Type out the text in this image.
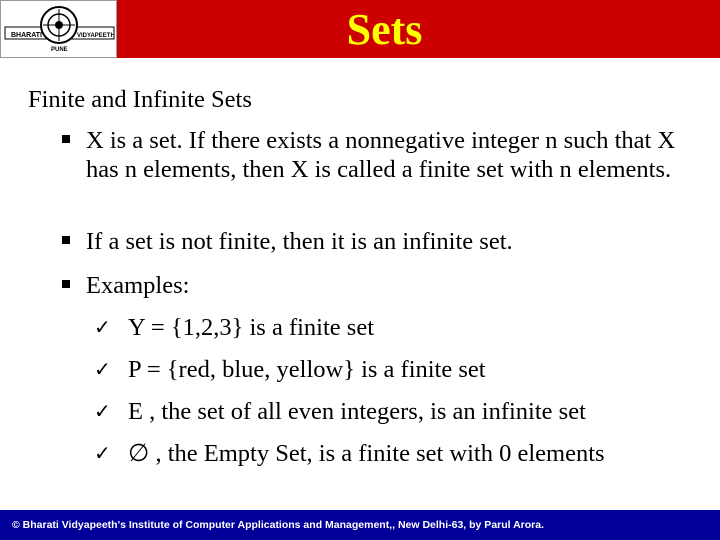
BHARATI	VIDYAPEETH
PUNE	Sets
Finite and Infinite Sets
X is a set. If there exists a nonnegative integer n such that X has n elements, then X is called a finite set with n elements.
If a set is not finite, then it is an infinite set.
Examples:
✓ Y = {1,2,3} is a finite set
✓ P = {red, blue, yellow} is a finite set
✓ E , the set of all even integers, is an infinite set
✓ ∅ , the Empty Set, is a finite set with 0 elements
© Bharati Vidyapeeth's Institute of Computer Applications and Management,, New Delhi-63, by Parul Arora.
